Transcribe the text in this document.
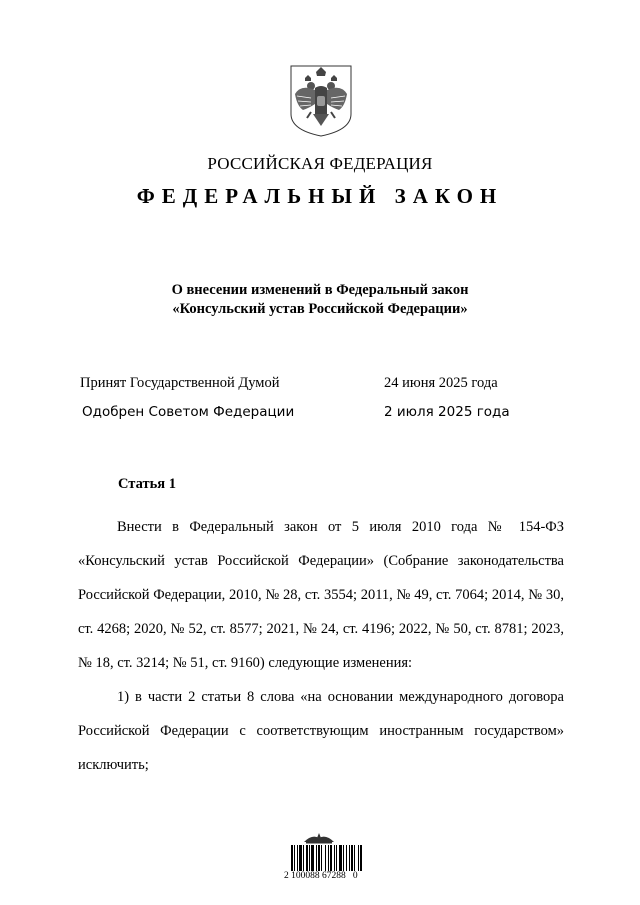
РОССИЙСКАЯ ФЕДЕРАЦИЯ
ФЕДЕРАЛЬНЫЙ ЗАКОН
О внесении изменений в Федеральный закон
«Консульский устав Российской Федерации»
Принят Государственной Думой	24 июня 2025 года
Одобрен Советом Федерации	2 июля 2025 года
Статья 1

Внести в Федеральный закон от 5 июля 2010 года № 154-ФЗ «Консульский устав Российской Федерации» (Собрание законодательства Российской Федерации, 2010, № 28, ст. 3554; 2011, № 49, ст. 7064; 2014, № 30, ст. 4268; 2020, № 52, ст. 8577; 2021, № 24, ст. 4196; 2022, № 50, ст. 8781; 2023, № 18, ст. 3214; № 51, ст. 9160) следующие изменения:

1) в части 2 статьи 8 слова «на основании международного договора Российской Федерации с соответствующим иностранным государством» исключить;

2 100088 67288   0
